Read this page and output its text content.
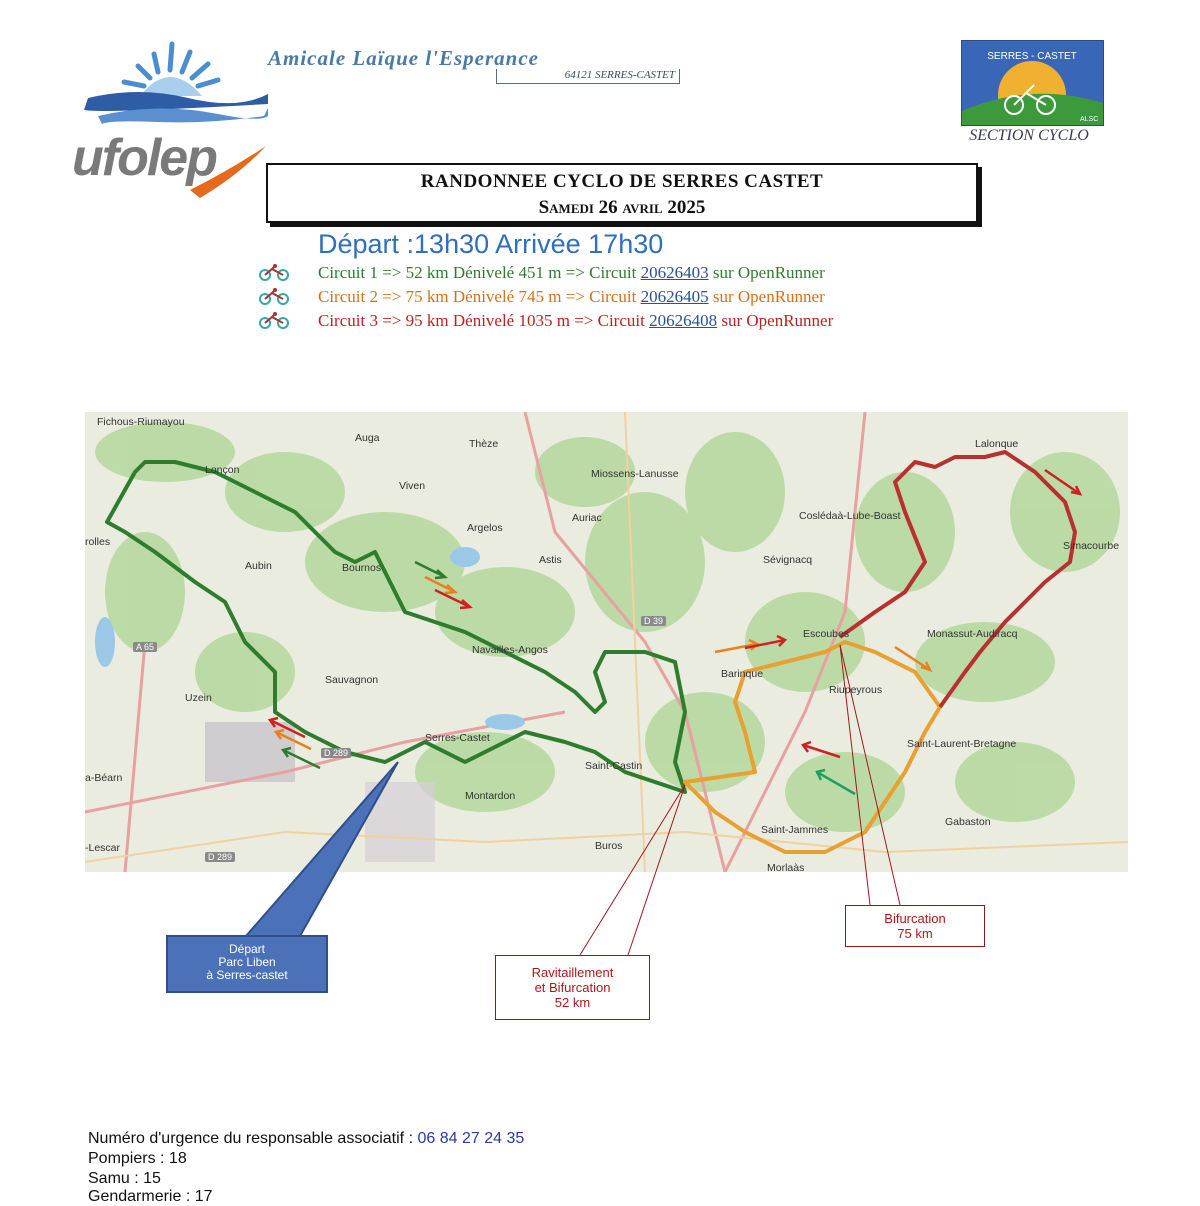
Amicale Laïque l'Esperance
64121 SERRES-CASTET
ufolep
SERRES - CASTET
ALSC
SECTION CYCLO
RANDONNEE CYCLO DE SERRES CASTET
Samedi 26 avril 2025
Départ :13h30 Arrivée 17h30
Circuit 1 => 52 km Dénivelé 451 m => Circuit 20626403 sur OpenRunner
Circuit 2 => 75 km Dénivelé 745 m => Circuit 20626405 sur OpenRunner
Circuit 3 => 95 km Dénivelé 1035 m => Circuit 20626408 sur OpenRunner
Fichous-Riumayou
Lalonque
Auga	Thèze
Miossens-Lanusse
Lonçon
Viven
Coslédaà-Lube-Boast
Simacourbe
Argelos
Auriac
Astis	Sévignacq
Aubin	Bournos
rolles
Navailles-Angos
Escoubes	Monassut-Audiracq
A 65
Barinque
Riupeyrous
Sauvagnon
Uzein
Serres-Castet
Saint-Castin
Saint-Laurent-Bretagne
a-Béarn
Montardon
Saint-Jammes
Gabaston
Buros
Morlaàs
-Lescar
D 39
D 289
D 289
Départ
Parc Liben
à Serres-castet	Ravitaillement
et Bifurcation
52 km
Bifurcation
75 km
Numéro d'urgence du responsable associatif : 06 84 27 24 35
Pompiers : 18
Samu : 15
Gendarmerie : 17
